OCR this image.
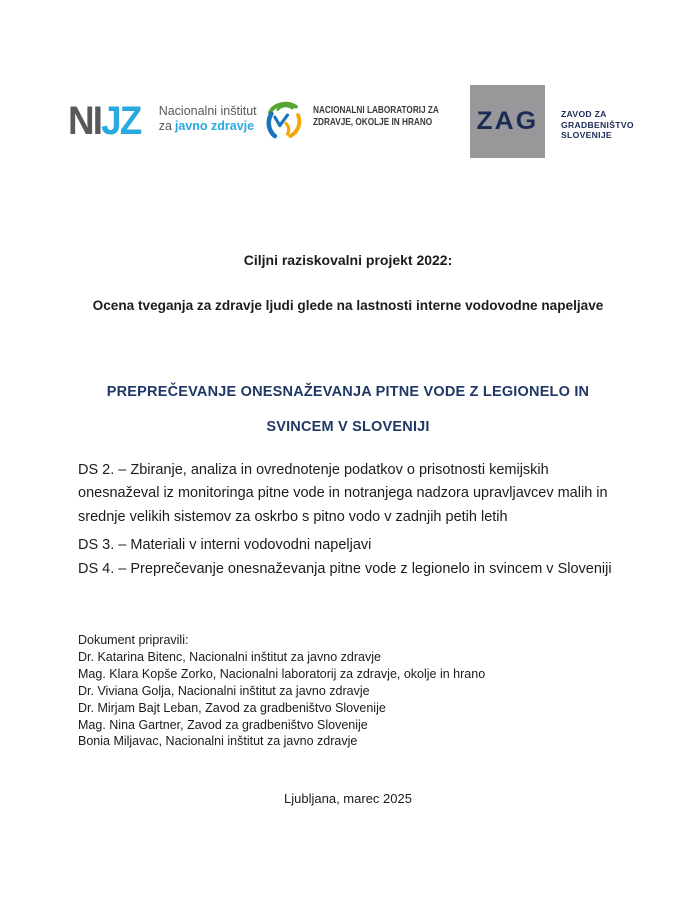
NIJZ Nacionalni inštitut
za javno zdravje
NACIONALNI LABORATORIJ ZA
ZDRAVJE, OKOLJE IN HRANO ZAG	ZAVOD ZA
GRADBENIŠTVO
SLOVENIJE
Ciljni raziskovalni projekt 2022:
Ocena tveganja za zdravje ljudi glede na lastnosti interne vodovodne napeljave
PREPREČEVANJE ONESNAŽEVANJA PITNE VODE Z LEGIONELO IN
SVINCEM V SLOVENIJI
DS 2. – Zbiranje, analiza in ovrednotenje podatkov o prisotnosti kemijskih
onesnaževal iz monitoringa pitne vode in notranjega nadzora upravljavcev malih in
srednje velikih sistemov za oskrbo s pitno vodo v zadnjih petih letih
DS 3. – Materiali v interni vodovodni napeljavi
DS 4. – Preprečevanje onesnaževanja pitne vode z legionelo in svincem v Sloveniji
Dokument pripravili:
Dr. Katarina Bitenc, Nacionalni inštitut za javno zdravje
Mag. Klara Kopše Zorko, Nacionalni laboratorij za zdravje, okolje in hrano
Dr. Viviana Golja, Nacionalni inštitut za javno zdravje
Dr. Mirjam Bajt Leban, Zavod za gradbeništvo Slovenije
Mag. Nina Gartner, Zavod za gradbeništvo Slovenije
Bonia Miljavac, Nacionalni inštitut za javno zdravje
Ljubljana, marec 2025
